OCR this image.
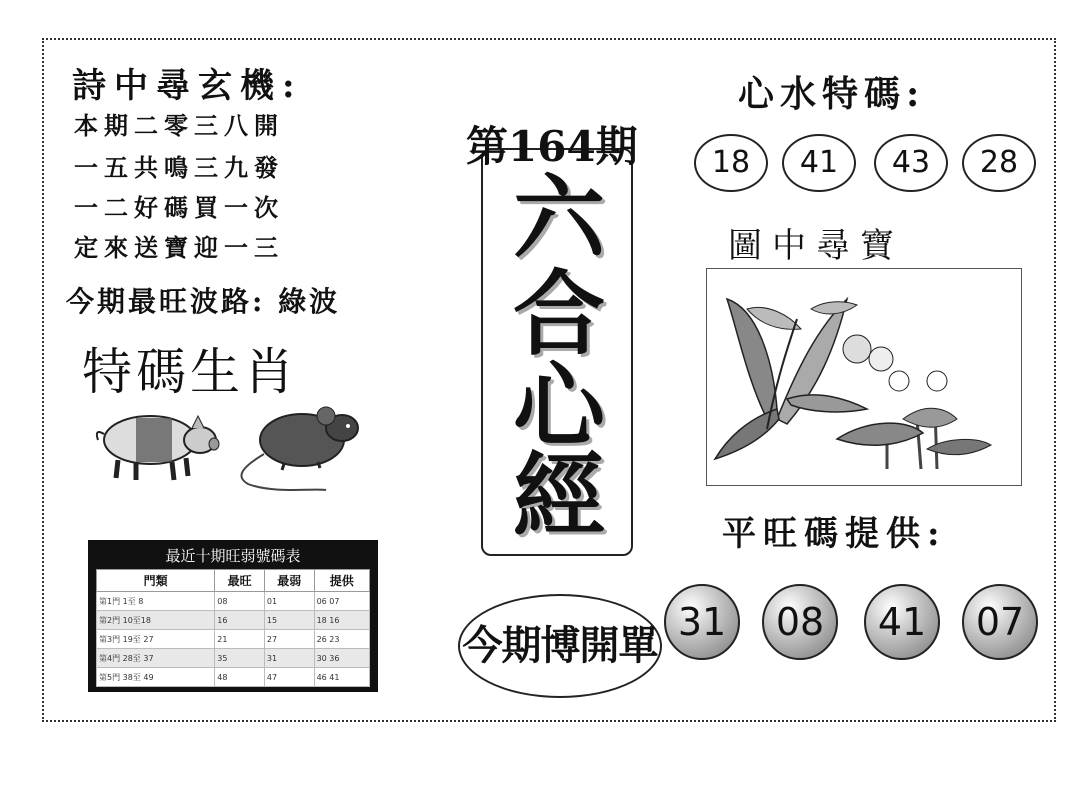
詩中尋玄機:
本期二零三八開
一五共鳴三九發
一二好碼買一次
定來送寶迎一三
今期最旺波路: 綠波
特碼生肖
最近十期旺弱號碼表
門類	最旺	最弱	提供
第1門 1至 8	08	01	06 07
第2門 10至18	16	15	18 16
第3門 19至 27	21	27	26 23
第4門 28至 37	35	31	30 36
第5門 38至 49	48	47	46 41
六
合
心
經
第164期
今期博開單
心水特碼:
18	41	43	28
圖中尋寶
平旺碼提供:
31	08	41	07
